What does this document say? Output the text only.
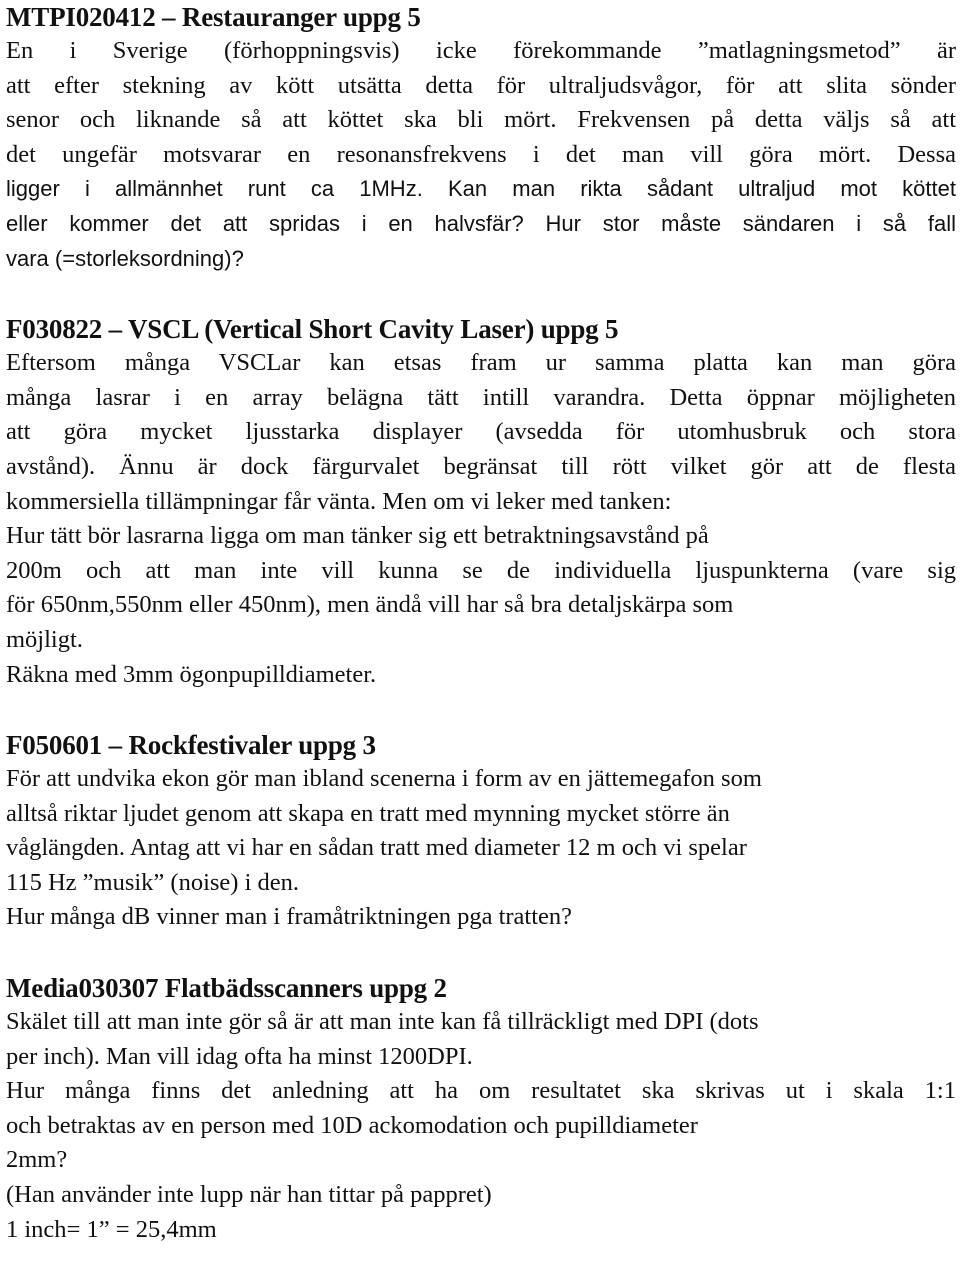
MTPI020412 – Restauranger uppg 5
En i Sverige (förhoppningsvis) icke förekommande ”matlagningsmetod” är
att efter stekning av kött utsätta detta för ultraljudsvågor, för att slita sönder
senor och liknande så att köttet ska bli mört. Frekvensen på detta väljs så att
det ungefär motsvarar en resonansfrekvens i det man vill göra mört. Dessa
ligger i allmännhet runt ca 1MHz. Kan man rikta sådant ultraljud mot köttet
eller kommer det att spridas i en halvsfär? Hur stor måste sändaren i så fall
vara (=storleksordning)?
F030822 – VSCL (Vertical Short Cavity Laser) uppg 5
Eftersom många VSCLar kan etsas fram ur samma platta kan man göra
många lasrar i en array belägna tätt intill varandra. Detta öppnar möjligheten
att göra mycket ljusstarka displayer (avsedda för utomhusbruk och stora
avstånd). Ännu är dock färgurvalet begränsat till rött vilket gör att de flesta
kommersiella tillämpningar får vänta. Men om vi leker med tanken:
Hur tätt bör lasrarna ligga om man tänker sig ett betraktningsavstånd på
200m och att man inte vill kunna se de individuella ljuspunkterna (vare sig
för 650nm,550nm eller 450nm), men ändå vill har så bra detaljskärpa som
möjligt.
Räkna med 3mm ögonpupilldiameter.
F050601 – Rockfestivaler uppg 3
För att undvika ekon gör man ibland scenerna i form av en jättemegafon som
alltså riktar ljudet genom att skapa en tratt med mynning mycket större än
våglängden. Antag att vi har en sådan tratt med diameter 12 m och vi spelar
115 Hz ”musik” (noise) i den.
Hur många dB vinner man i framåtriktningen pga tratten?
Media030307 Flatbädsscanners uppg 2
Skälet till att man inte gör så är att man inte kan få tillräckligt med DPI (dots
per inch). Man vill idag ofta ha minst 1200DPI.
Hur många finns det anledning att ha om resultatet ska skrivas ut i skala 1:1
och betraktas av en person med 10D ackomodation och pupilldiameter
2mm?
(Han använder inte lupp när han tittar på pappret)
1 inch= 1” = 25,4mm
